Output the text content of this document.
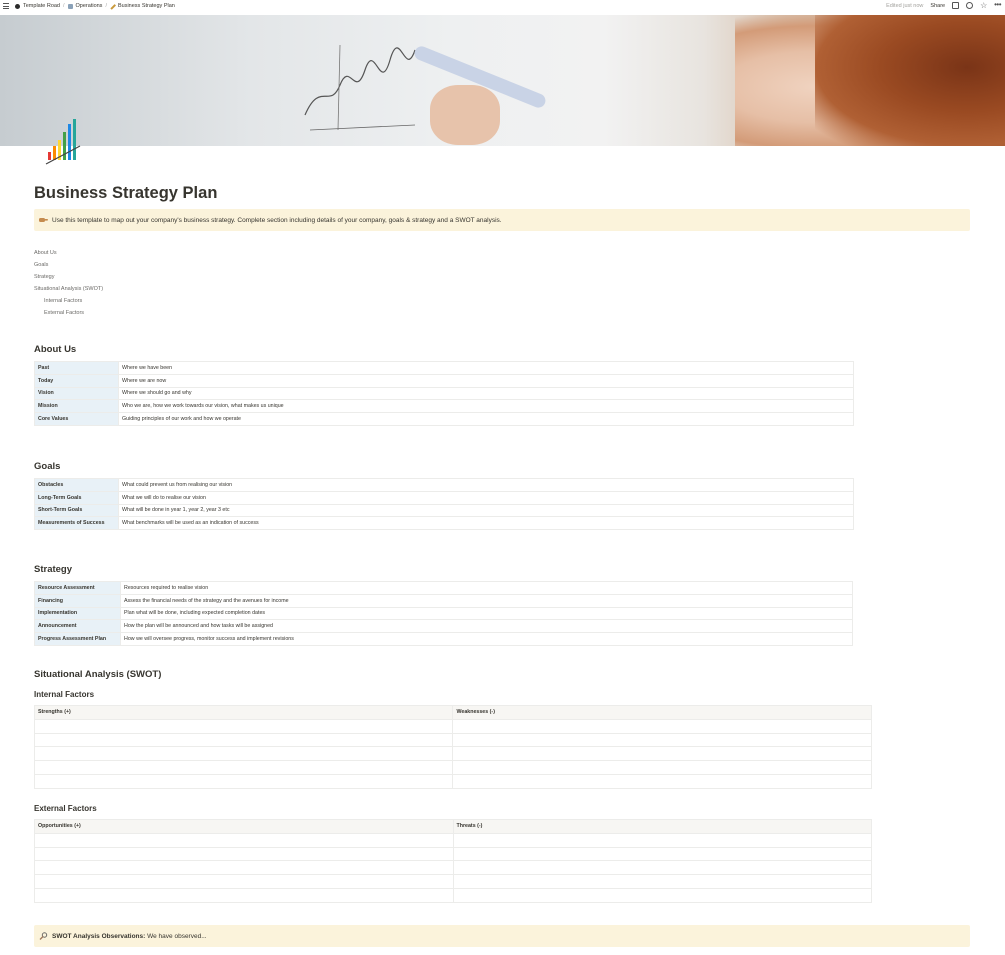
Template Road / Operations / Business Strategy Plan	Edited just now Share	☆ •••
Business Strategy Plan
Use this template to map out your company's business strategy. Complete section including details of your company, goals & strategy and a SWOT analysis.
About Us
Goals
Strategy
Situational Analysis (SWOT)
Internal Factors
External Factors
About Us
Past	Where we have been
Today	Where we are now
Vision	Where we should go and why
Mission	Who we are, how we work towards our vision, what makes us unique
Core Values	Guiding principles of our work and how we operate
Goals
Obstacles	What could prevent us from realising our vision
Long-Term Goals	What we will do to realise our vision
Short-Term Goals	What will be done in year 1, year 2, year 3 etc
Measurements of Success	What benchmarks will be used as an indication of success
Strategy
Resource Assessment	Resources required to realise vision
Financing	Assess the financial needs of the strategy and the avenues for income
Implementation	Plan what will be done, including expected completion dates
Announcement	How the plan will be announced and how tasks will be assigned
Progress Assessment Plan	How we will oversee progress, monitor success and implement revisions
Situational Analysis (SWOT)
Internal Factors
Strengths (+)	Weaknesses (-)

External Factors
Opportunities (+)	Threats (-)

SWOT Analysis Observations: We have observed...
